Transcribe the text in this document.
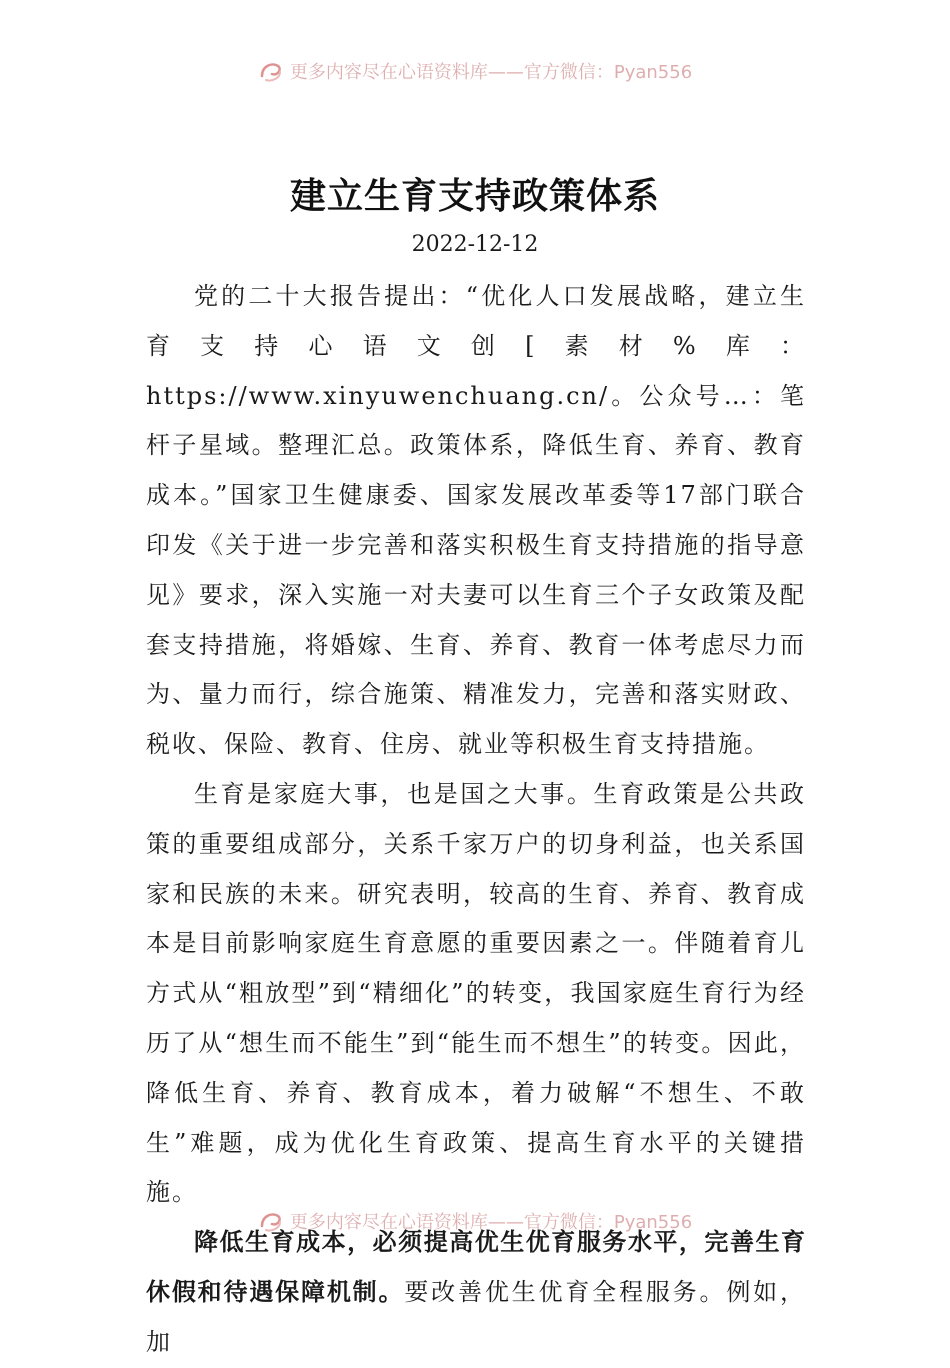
更多内容尽在心语资料库——官方微信：Pyan556
建立生育支持政策体系
2022-12-12

党的二十大报告提出：“优化人口发展战略，建立生育支持心语文创[素材%库：https://www.xinyuwenchuang.cn/。公众号…：笔杆子星域。整理汇总。政策体系，降低生育、养育、教育成本。”国家卫生健康委、国家发展改革委等17部门联合印发《关于进一步完善和落实积极生育支持措施的指导意见》要求，深入实施一对夫妻可以生育三个子女政策及配套支持措施，将婚嫁、生育、养育、教育一体考虑尽力而为、量力而行，综合施策、精准发力，完善和落实财政、税收、保险、教育、住房、就业等积极生育支持措施。

生育是家庭大事，也是国之大事。生育政策是公共政策的重要组成部分，关系千家万户的切身利益，也关系国家和民族的未来。研究表明，较高的生育、养育、教育成本是目前影响家庭生育意愿的重要因素之一。伴随着育儿方式从“粗放型”到“精细化”的转变，我国家庭生育行为经历了从“想生而不能生”到“能生而不想生”的转变。因此，降低生育、养育、教育成本，着力破解“不想生、不敢生”难题，成为优化生育政策、提高生育水平的关键措施。

降低生育成本，必须提高优生优育服务水平，完善生育休假和待遇保障机制。要改善优生优育全程服务。例如，加

更多内容尽在心语资料库——官方微信：Pyan556
